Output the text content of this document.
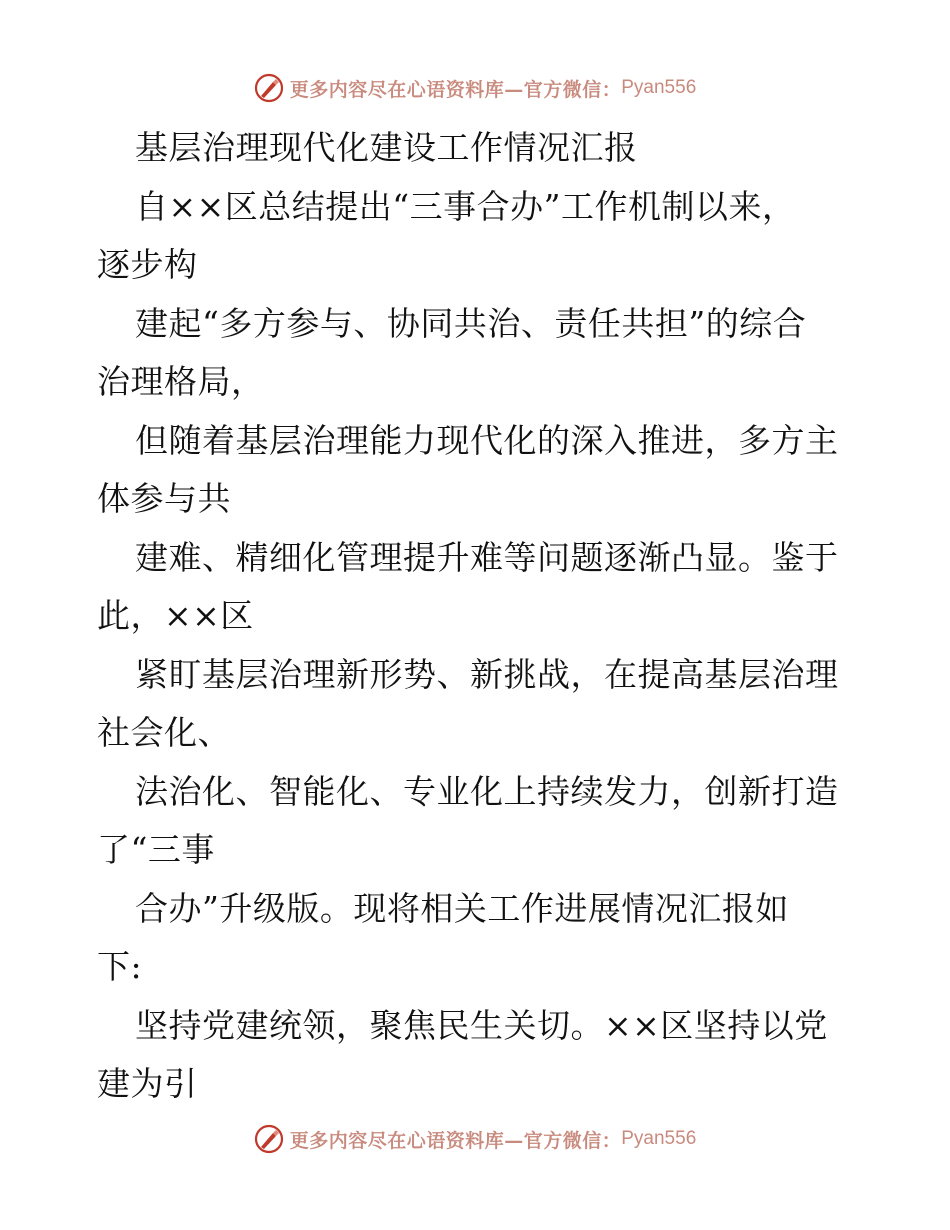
更多内容尽在心语资料库—官方微信： Pyan556
基层治理现代化建设工作情况汇报
自××区总结提出“三事合办”工作机制以来，
逐步构
建起“多方参与、协同共治、责任共担”的综合
治理格局，
但随着基层治理能力现代化的深入推进，多方主
体参与共
建难、精细化管理提升难等问题逐渐凸显。鉴于
此，××区
紧盯基层治理新形势、新挑战，在提高基层治理
社会化、
法治化、智能化、专业化上持续发力，创新打造
了“三事
合办”升级版。现将相关工作进展情况汇报如
下:
坚持党建统领，聚焦民生关切。××区坚持以党
建为引
更多内容尽在心语资料库—官方微信： Pyan556
